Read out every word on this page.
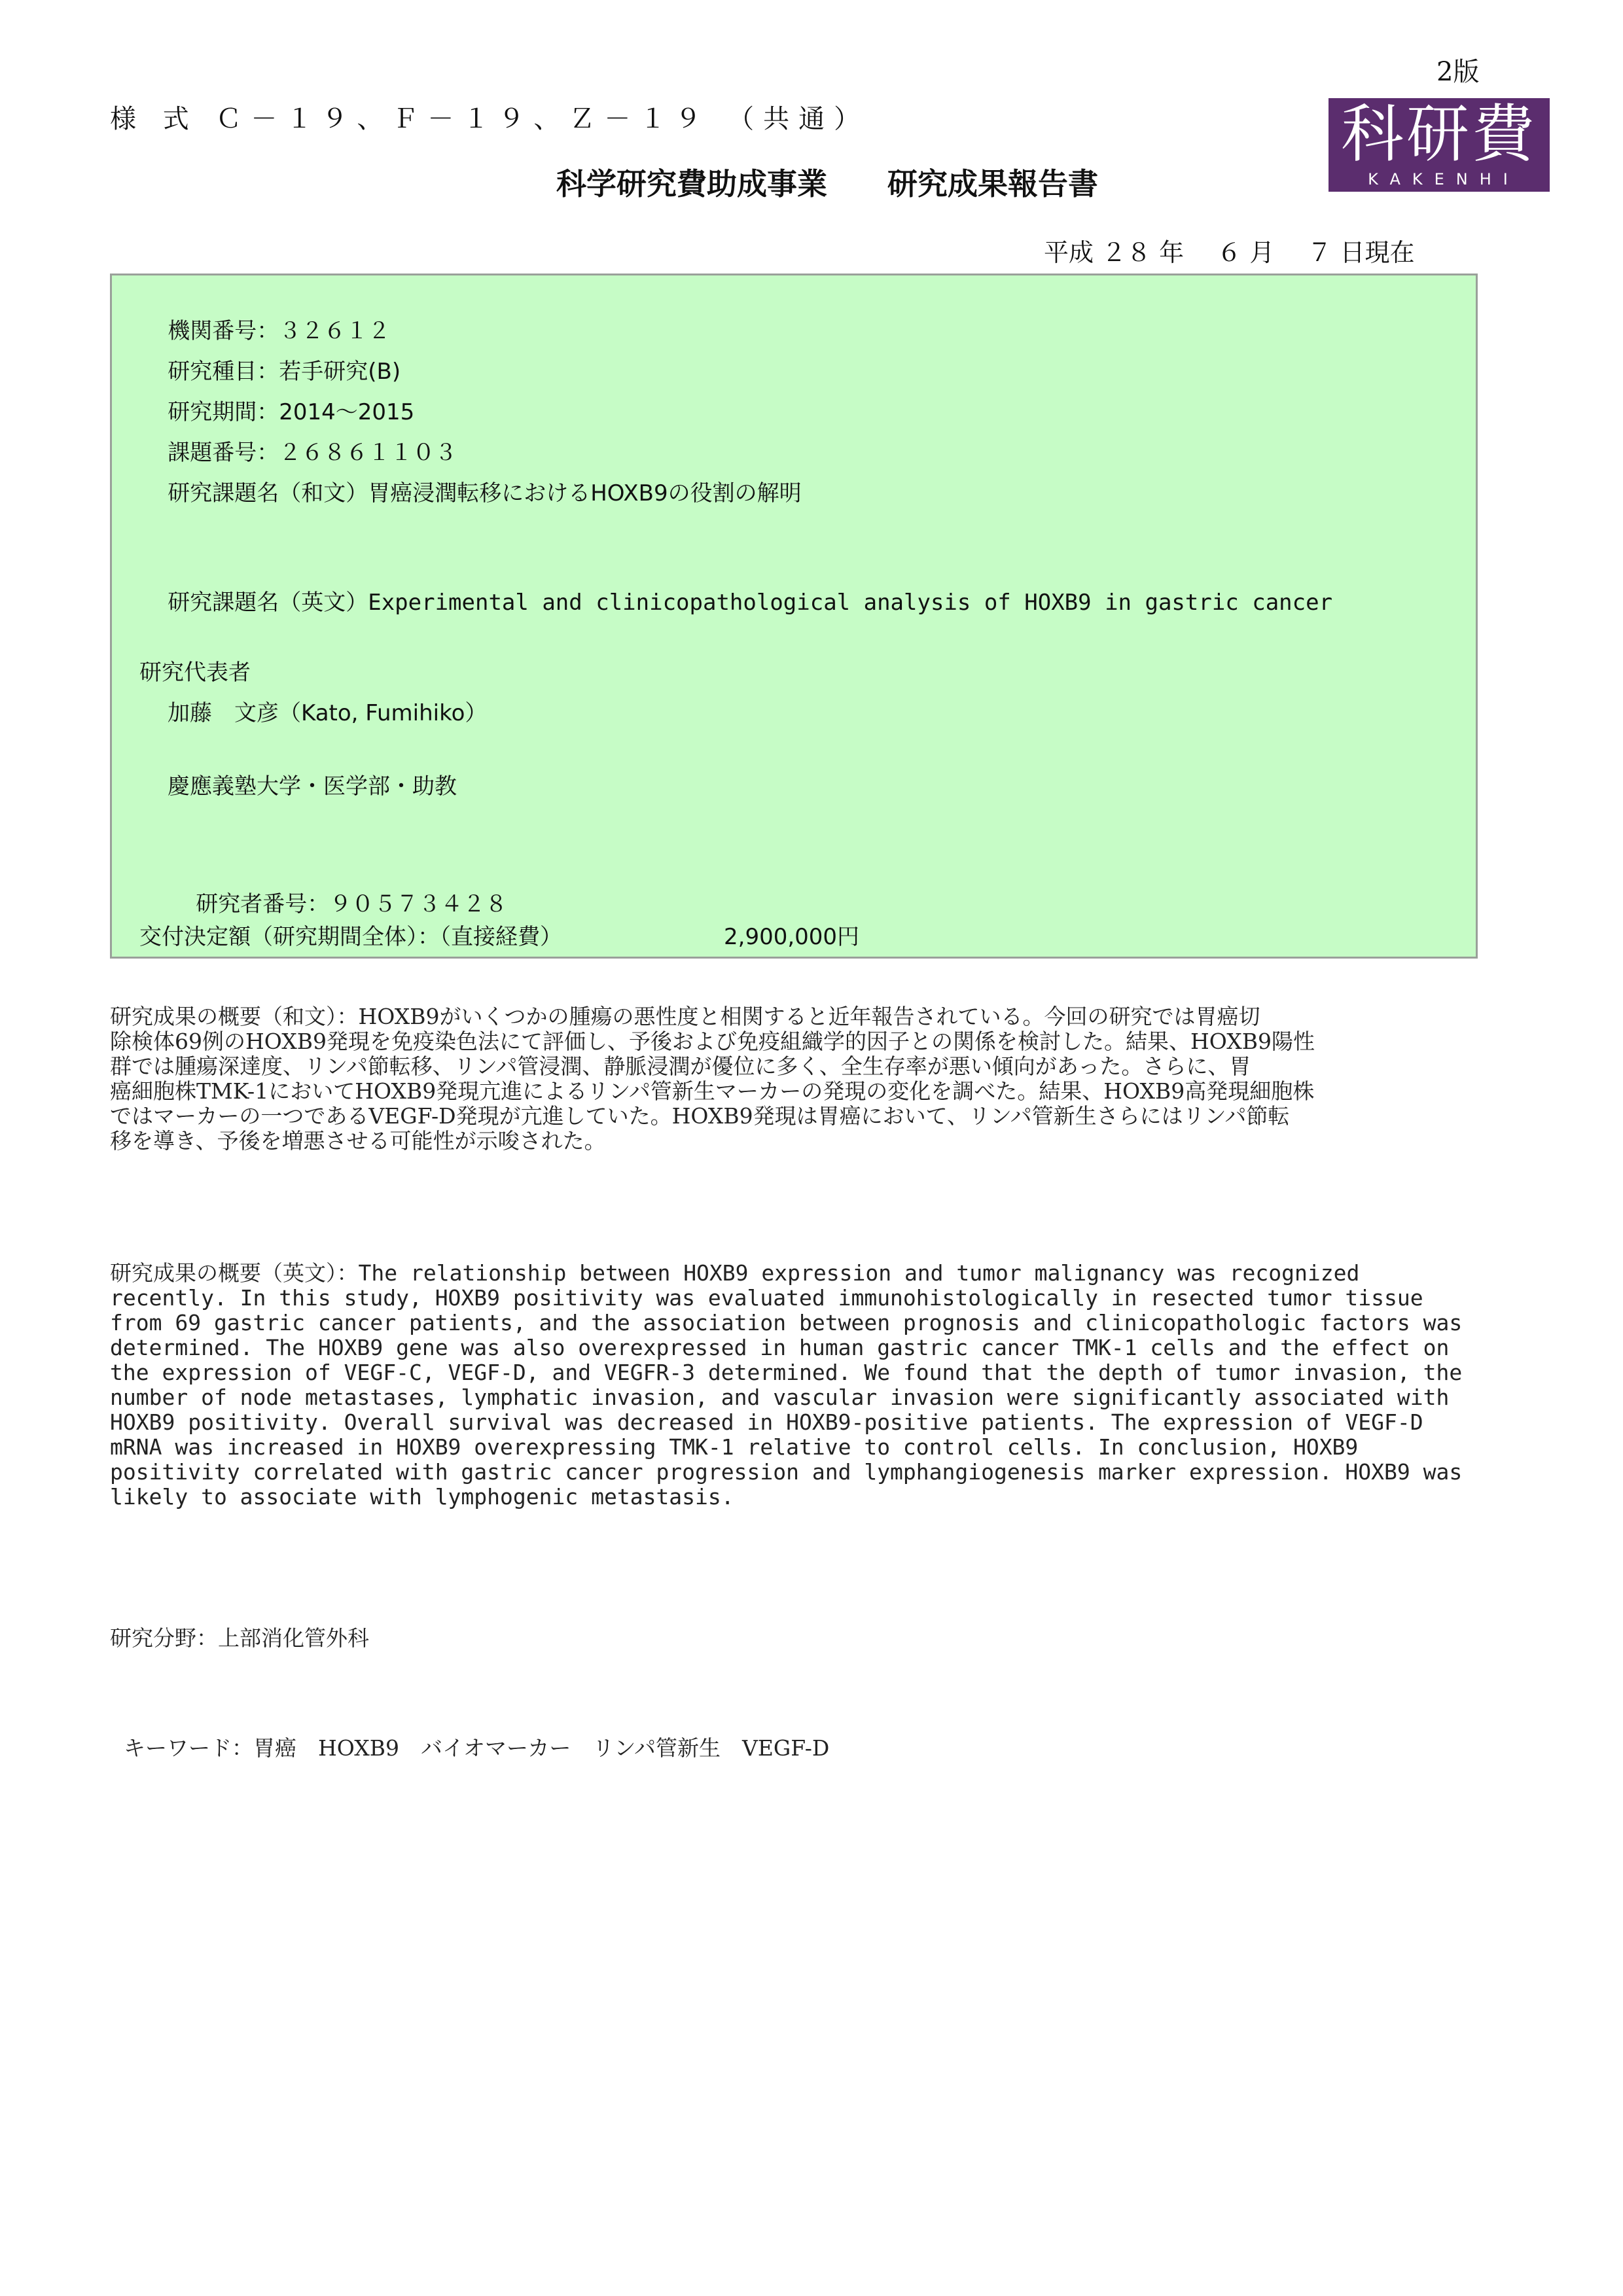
2版
様 式 Ｃ－１９、Ｆ－１９、Ｚ－１９ （共通）	科研費
KAKENHI
科学研究費助成事業　　研究成果報告書
平成 ２８ 年　 ６ 月　 ７ 日現在

機関番号：３２６１２

研究種目：若手研究(B)

研究期間：2014～2015

課題番号：２６８６１１０３

研究課題名（和文）胃癌浸潤転移におけるHOXB9の役割の解明

研究課題名（英文）Experimental and clinicopathological analysis of HOXB9 in gastric cancer

研究代表者
加藤　文彦（Kato, Fumihiko）
慶應義塾大学・医学部・助教

研究者番号：９０５７３４２８

交付決定額（研究期間全体）：（直接経費）	2,900,000円
研究成果の概要（和文）：HOXB9がいくつかの腫瘍の悪性度と相関すると近年報告されている。今回の研究では胃癌切
除検体69例のHOXB9発現を免疫染色法にて評価し、予後および免疫組織学的因子との関係を検討した。結果、HOXB9陽性
群では腫瘍深達度、リンパ節転移、リンパ管浸潤、静脈浸潤が優位に多く、全生存率が悪い傾向があった。さらに、胃
癌細胞株TMK-1においてHOXB9発現亢進によるリンパ管新生マーカーの発現の変化を調べた。結果、HOXB9高発現細胞株
ではマーカーの一つであるVEGF-D発現が亢進していた。HOXB9発現は胃癌において、リンパ管新生さらにはリンパ節転
移を導き、予後を増悪させる可能性が示唆された。
研究成果の概要（英文）：The relationship between HOXB9 expression and tumor malignancy was recognized
recently. In this study, HOXB9 positivity was evaluated immunohistologically in resected tumor tissue
from 69 gastric cancer patients, and the association between prognosis and clinicopathologic factors was
determined. The HOXB9 gene was also overexpressed in human gastric cancer TMK-1 cells and the effect on
the expression of VEGF-C, VEGF-D, and VEGFR-3 determined. We found that the depth of tumor invasion, the
number of node metastases, lymphatic invasion, and vascular invasion were significantly associated with
HOXB9 positivity. Overall survival was decreased in HOXB9-positive patients. The expression of VEGF-D
mRNA was increased in HOXB9 overexpressing TMK-1 relative to control cells. In conclusion, HOXB9
positivity correlated with gastric cancer progression and lymphangiogenesis marker expression. HOXB9 was
likely to associate with lymphogenic metastasis.
研究分野：上部消化管外科

キーワード：胃癌　HOXB9　バイオマーカー　リンパ管新生　VEGF-D
